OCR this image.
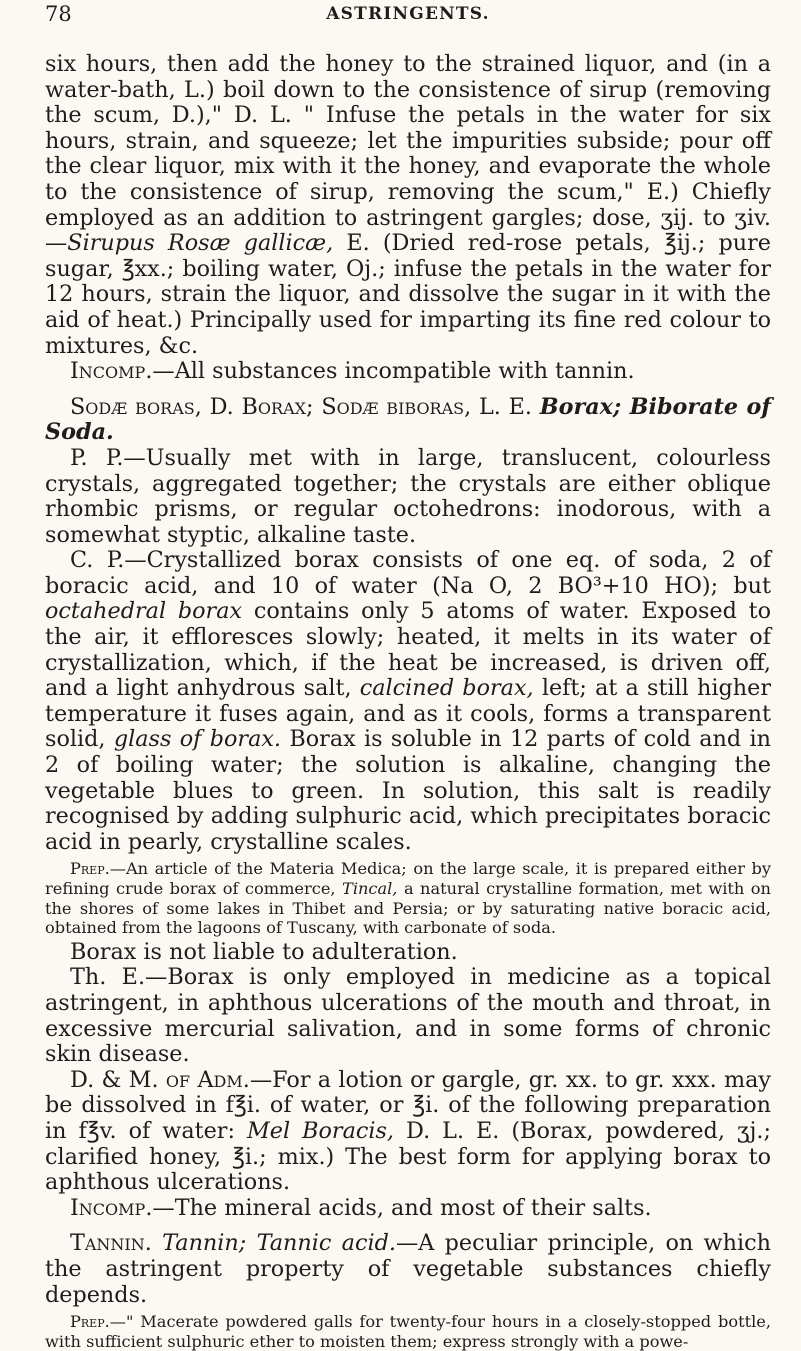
78	ASTRINGENTS.

six hours, then add the honey to the strained liquor, and (in a water-bath, L.) boil down to the consistence of sirup (removing the scum, D.)," D. L. " Infuse the petals in the water for six hours, strain, and squeeze; let the impurities subside; pour off the clear liquor, mix with it the honey, and evaporate the whole to the consistence of sirup, removing the scum," E.) Chiefly employed as an addition to astringent gargles; dose, ʒij. to ʒiv.—Sirupus Rosæ gallicæ, E. (Dried red-rose petals, ℥ij.; pure sugar, ℥xx.; boiling water, Oj.; infuse the petals in the water for 12 hours, strain the liquor, and dissolve the sugar in it with the aid of heat.) Principally used for imparting its fine red colour to mixtures, &c.

Incomp.—All substances incompatible with tannin.

Sodæ boras, D. Borax; Sodæ biboras, L. E. Borax; Biborate of Soda.

P. P.—Usually met with in large, translucent, colourless crystals, aggregated together; the crystals are either oblique rhombic prisms, or regular octohedrons: inodorous, with a somewhat styptic, alkaline taste.

C. P.—Crystallized borax consists of one eq. of soda, 2 of boracic acid, and 10 of water (Na O, 2 BO³+10 HO); but octahedral borax contains only 5 atoms of water. Exposed to the air, it effloresces slowly; heated, it melts in its water of crystallization, which, if the heat be increased, is driven off, and a light anhydrous salt, calcined borax, left; at a still higher temperature it fuses again, and as it cools, forms a transparent solid, glass of borax. Borax is soluble in 12 parts of cold and in 2 of boiling water; the solution is alkaline, changing the vegetable blues to green. In solution, this salt is readily recognised by adding sulphuric acid, which precipitates boracic acid in pearly, crystalline scales.

Prep.—An article of the Materia Medica; on the large scale, it is prepared either by refining crude borax of commerce, Tincal, a natural crystalline formation, met with on the shores of some lakes in Thibet and Persia; or by saturating native boracic acid, obtained from the lagoons of Tuscany, with carbonate of soda.

Borax is not liable to adulteration.

Th. E.—Borax is only employed in medicine as a topical astringent, in aphthous ulcerations of the mouth and throat, in excessive mercurial salivation, and in some forms of chronic skin disease.

D. & M. of Adm.—For a lotion or gargle, gr. xx. to gr. xxx. may be dissolved in f℥i. of water, or ℥i. of the following preparation in f℥v. of water: Mel Boracis, D. L. E. (Borax, powdered, ʒj.; clarified honey, ℥i.; mix.) The best form for applying borax to aphthous ulcerations.

Incomp.—The mineral acids, and most of their salts.

Tannin. Tannin; Tannic acid.—A peculiar principle, on which the astringent property of vegetable substances chiefly depends.

Prep.—" Macerate powdered galls for twenty-four hours in a closely-stopped bottle, with sufficient sulphuric ether to moisten them; express strongly with a powe-
